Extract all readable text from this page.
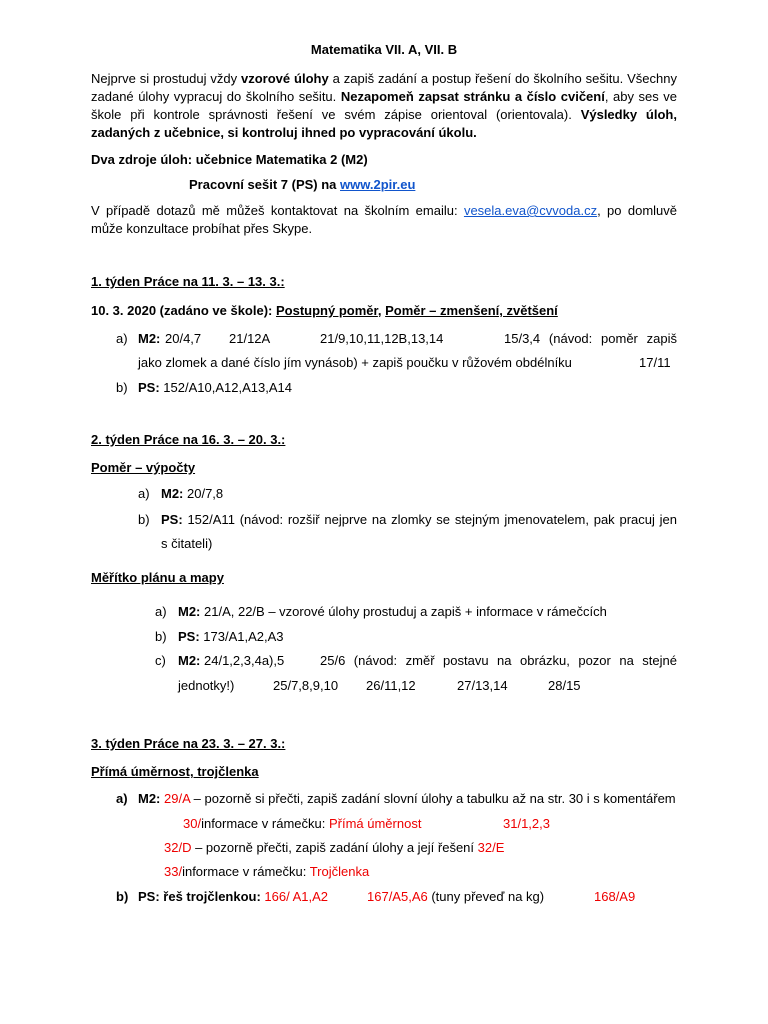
Matematika VII. A, VII. B
Nejprve si prostuduj vždy vzorové úlohy a zapiš zadání a postup řešení do školního sešitu. Všechny zadané úlohy vypracuj do školního sešitu. Nezapomeň zapsat stránku a číslo cvičení, aby ses ve škole při kontrole správnosti řešení ve svém zápise orientoval (orientovala). Výsledky úloh, zadaných z učebnice, si kontroluj ihned po vypracování úkolu.
Dva zdroje úloh: učebnice Matematika 2 (M2)
Pracovní sešit 7 (PS) na www.2pir.eu
V případě dotazů mě můžeš kontaktovat na školním emailu: vesela.eva@cvvoda.cz, po domluvě může konzultace probíhat přes Skype.
1. týden Práce na 11. 3. – 13. 3.:
10. 3. 2020 (zadáno ve škole): Postupný poměr, Poměr – zmenšení, zvětšení
a) M2: 20/4,7 21/12A	21/9,10,11,12B,13,14	15/3,4 (návod: poměr zapiš
jako zlomek a dané číslo jím vynásob) + zapiš poučku v růžovém obdélníku	17/11
b) PS: 152/A10,A12,A13,A14
2. týden Práce na 16. 3. – 20. 3.:
Poměr – výpočty
a) M2: 20/7,8
b) PS: 152/A11 (návod: rozšiř nejprve na zlomky se stejným jmenovatelem, pak pracuj jen
s čitateli)
Měřítko plánu a mapy
a) M2: 21/A, 22/B – vzorové úlohy prostuduj a zapiš + informace v rámečcích
b) PS: 173/A1,A2,A3
c) M2: 24/1,2,3,4a),5	25/6 (návod: změř postavu na obrázku, pozor na stejné
jednotky!)	25/7,8,9,10 26/11,12	27/13,14	28/15
3. týden Práce na 23. 3. – 27. 3.:
Přímá úměrnost, trojčlenka
a) M2: 29/A – pozorně si přečti, zapiš zadání slovní úlohy a tabulku až na str. 30 i s komentářem
30/informace v rámečku: Přímá úměrnost	31/1,2,3
32/D – pozorně přečti, zapiš zadání úlohy a její řešení 32/E
33/informace v rámečku: Trojčlenka
b) PS: řeš trojčlenkou: 166/ A1,A2	167/A5,A6 (tuny převeď na kg)	168/A9
